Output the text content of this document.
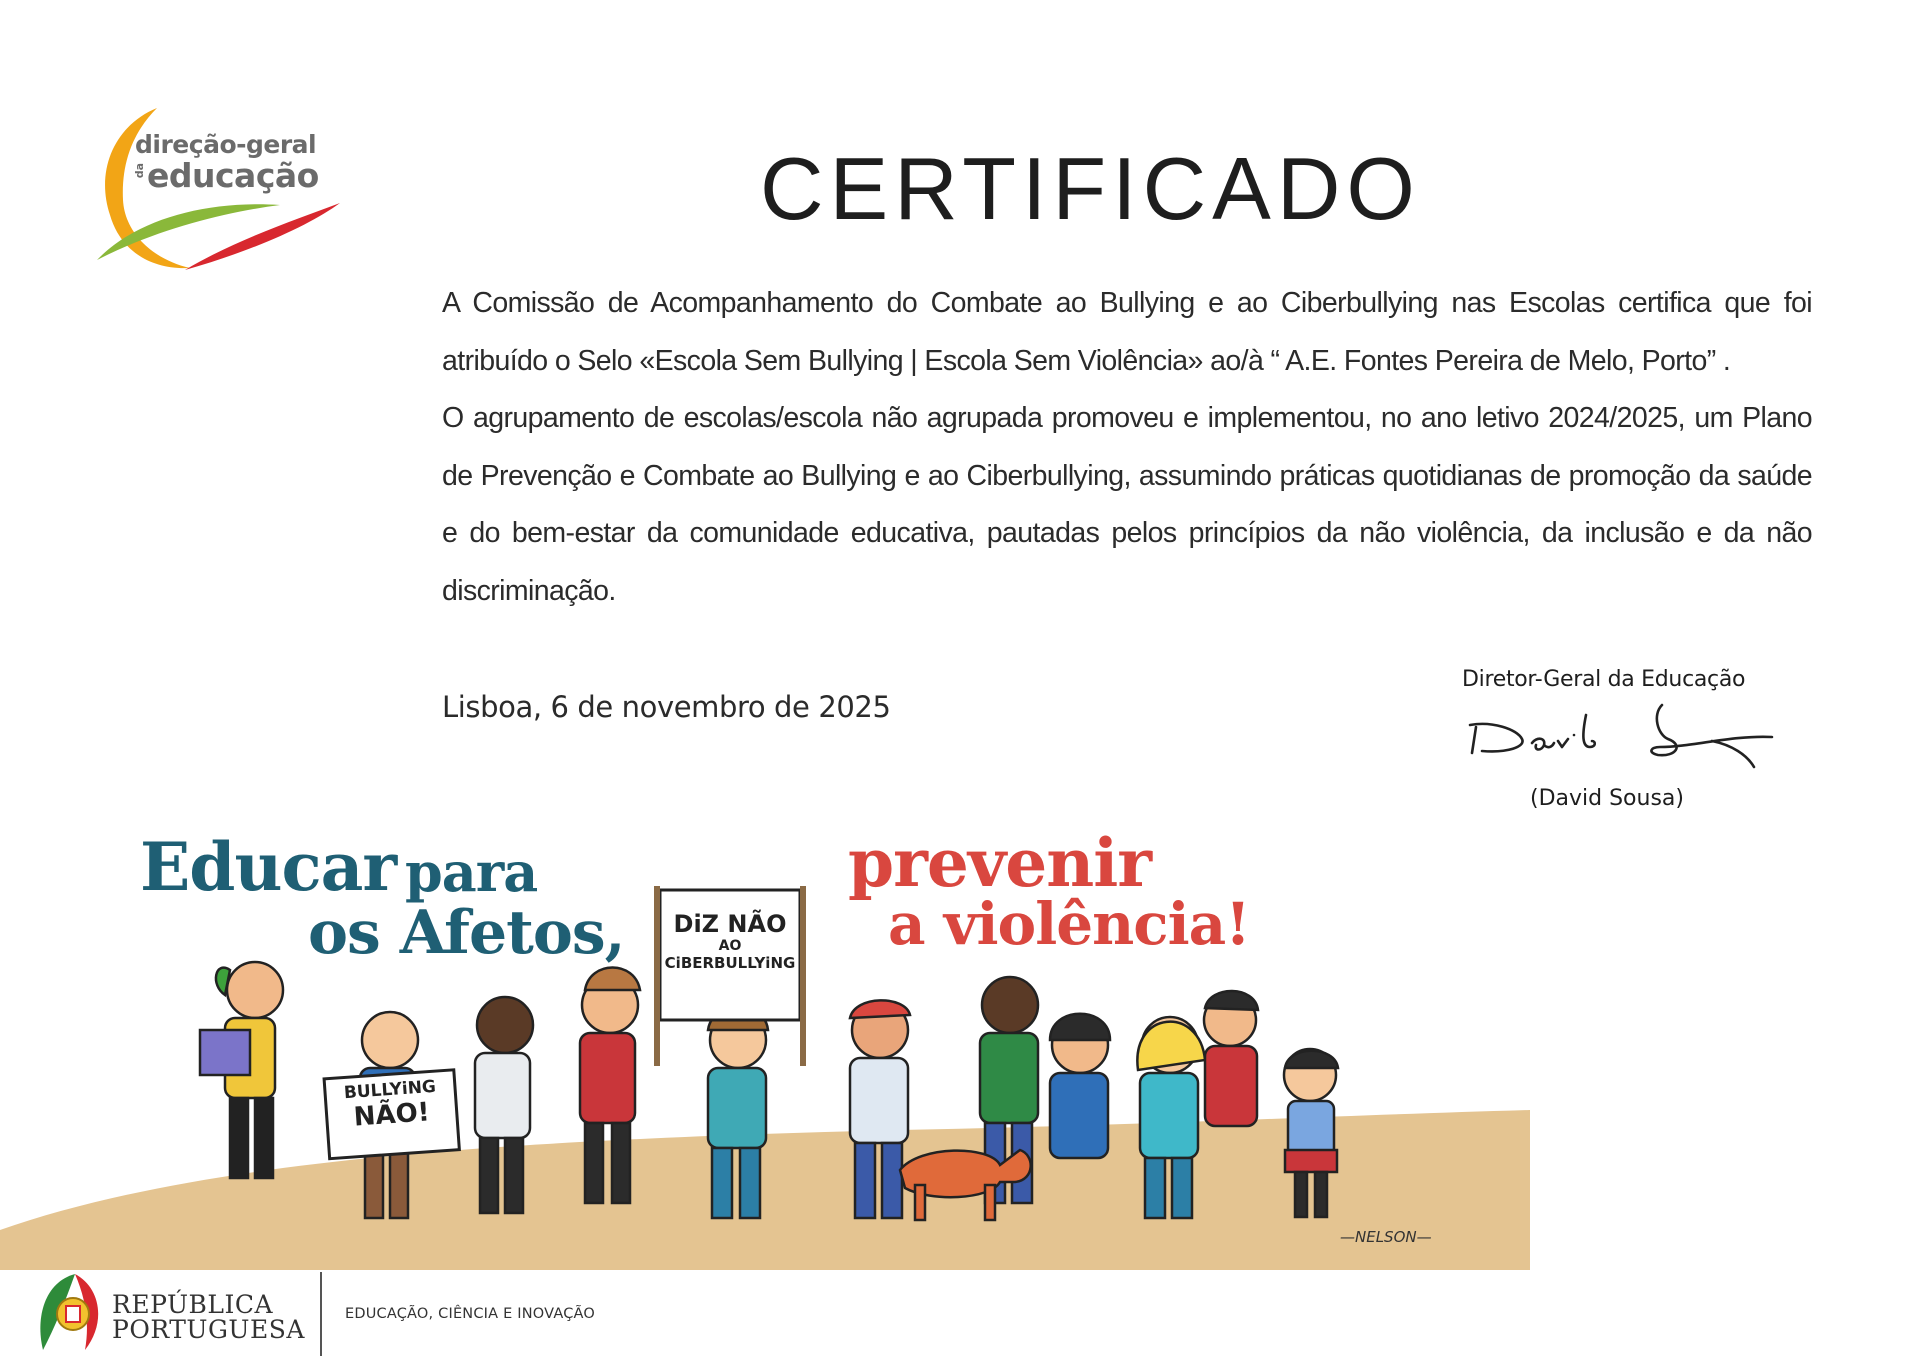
direção-geral
da educação	CERTIFICADO

A Comissão de Acompanhamento do Combate ao Bullying e ao Ciberbullying nas Escolas certifica que foi atribuído o Selo «Escola Sem Bullying | Escola Sem Violência» ao/à “ A.E. Fontes Pereira de Melo, Porto” .

O agrupamento de escolas/escola não agrupada promoveu e implementou, no ano letivo 2024/2025, um Plano de Prevenção e Combate ao Bullying e ao Ciberbullying, assumindo práticas quotidianas de promoção da saúde e do bem-estar da comunidade educativa, pautadas pelos princípios da não violência, da inclusão e da não discriminação.

Lisboa, 6 de novembro de 2025
Diretor-Geral da Educação
(David Sousa)
Educar para
os Afetos,
prevenir
a violência!
DiZ NÃO
AO
CiBERBULLYiNG
BULLYiNG
NÃO!
—NELSON—
REPÚBLICA
PORTUGUESA
EDUCAÇÃO, CIÊNCIA E INOVAÇÃO
